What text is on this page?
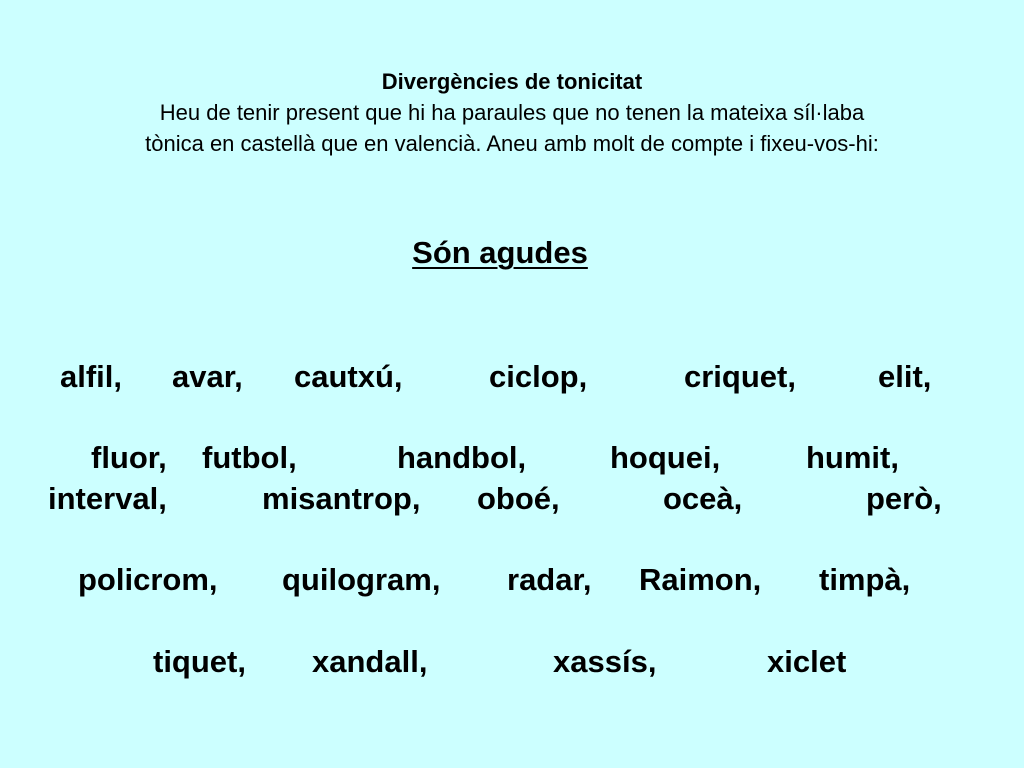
Divergències de tonicitat
Heu de tenir present que hi ha paraules que no tenen la mateixa síl·laba
tònica en castellà que en valencià. Aneu amb molt de compte i fixeu-vos-hi:
Són agudes
alfil, avar, cautxú,	ciclop,	criquet,	elit,
fluor, futbol,	handbol,	hoquei,	humit,
interval,	misantrop, oboé,	oceà,	però,
policrom, quilogram, radar, Raimon, timpà,
tiquet, xandall,	xassís,	xiclet
